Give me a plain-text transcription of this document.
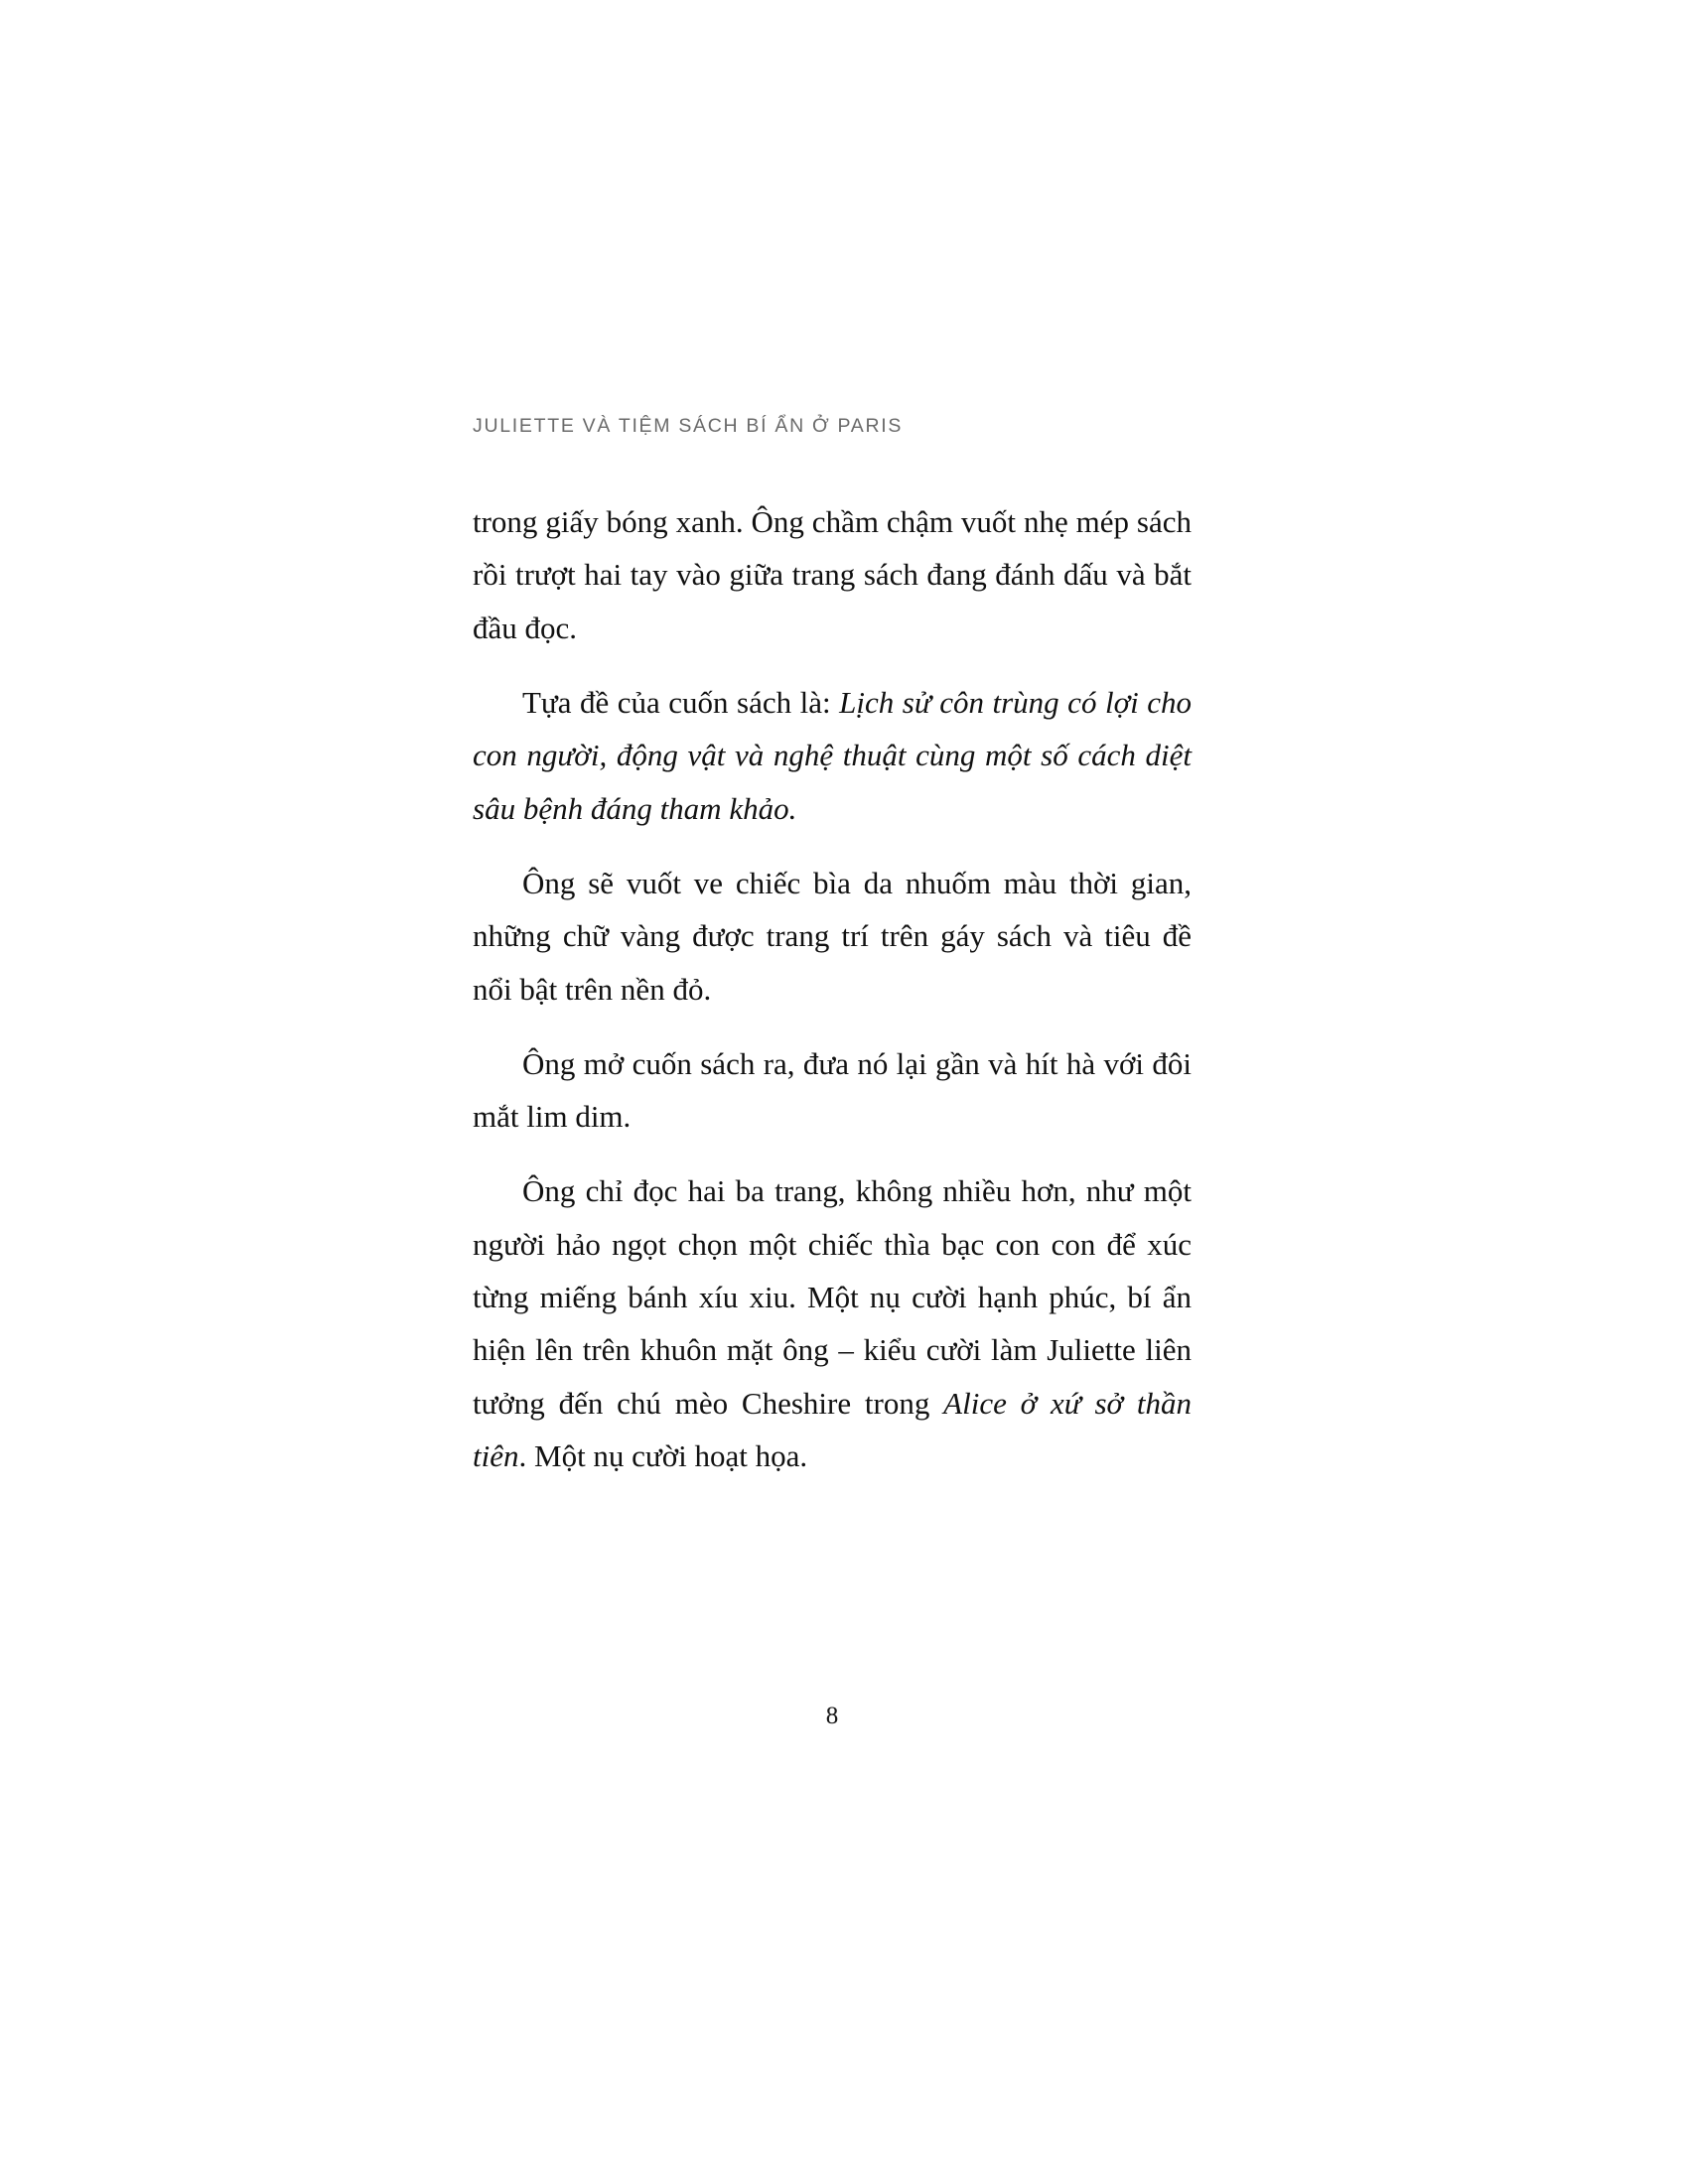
JULIETTE VÀ TIỆM SÁCH BÍ ẨN Ở PARIS

trong giấy bóng xanh. Ông chầm chậm vuốt nhẹ mép sách rồi trượt hai tay vào giữa trang sách đang đánh dấu và bắt đầu đọc.

Tựa đề của cuốn sách là: Lịch sử côn trùng có lợi cho con người, động vật và nghệ thuật cùng một số cách diệt sâu bệnh đáng tham khảo.

Ông sẽ vuốt ve chiếc bìa da nhuốm màu thời gian, những chữ vàng được trang trí trên gáy sách và tiêu đề nổi bật trên nền đỏ.

Ông mở cuốn sách ra, đưa nó lại gần và hít hà với đôi mắt lim dim.

Ông chỉ đọc hai ba trang, không nhiều hơn, như một người hảo ngọt chọn một chiếc thìa bạc con con để xúc từng miếng bánh xíu xiu. Một nụ cười hạnh phúc, bí ẩn hiện lên trên khuôn mặt ông – kiểu cười làm Juliette liên tưởng đến chú mèo Cheshire trong Alice ở xứ sở thần tiên. Một nụ cười hoạt họa.

8
